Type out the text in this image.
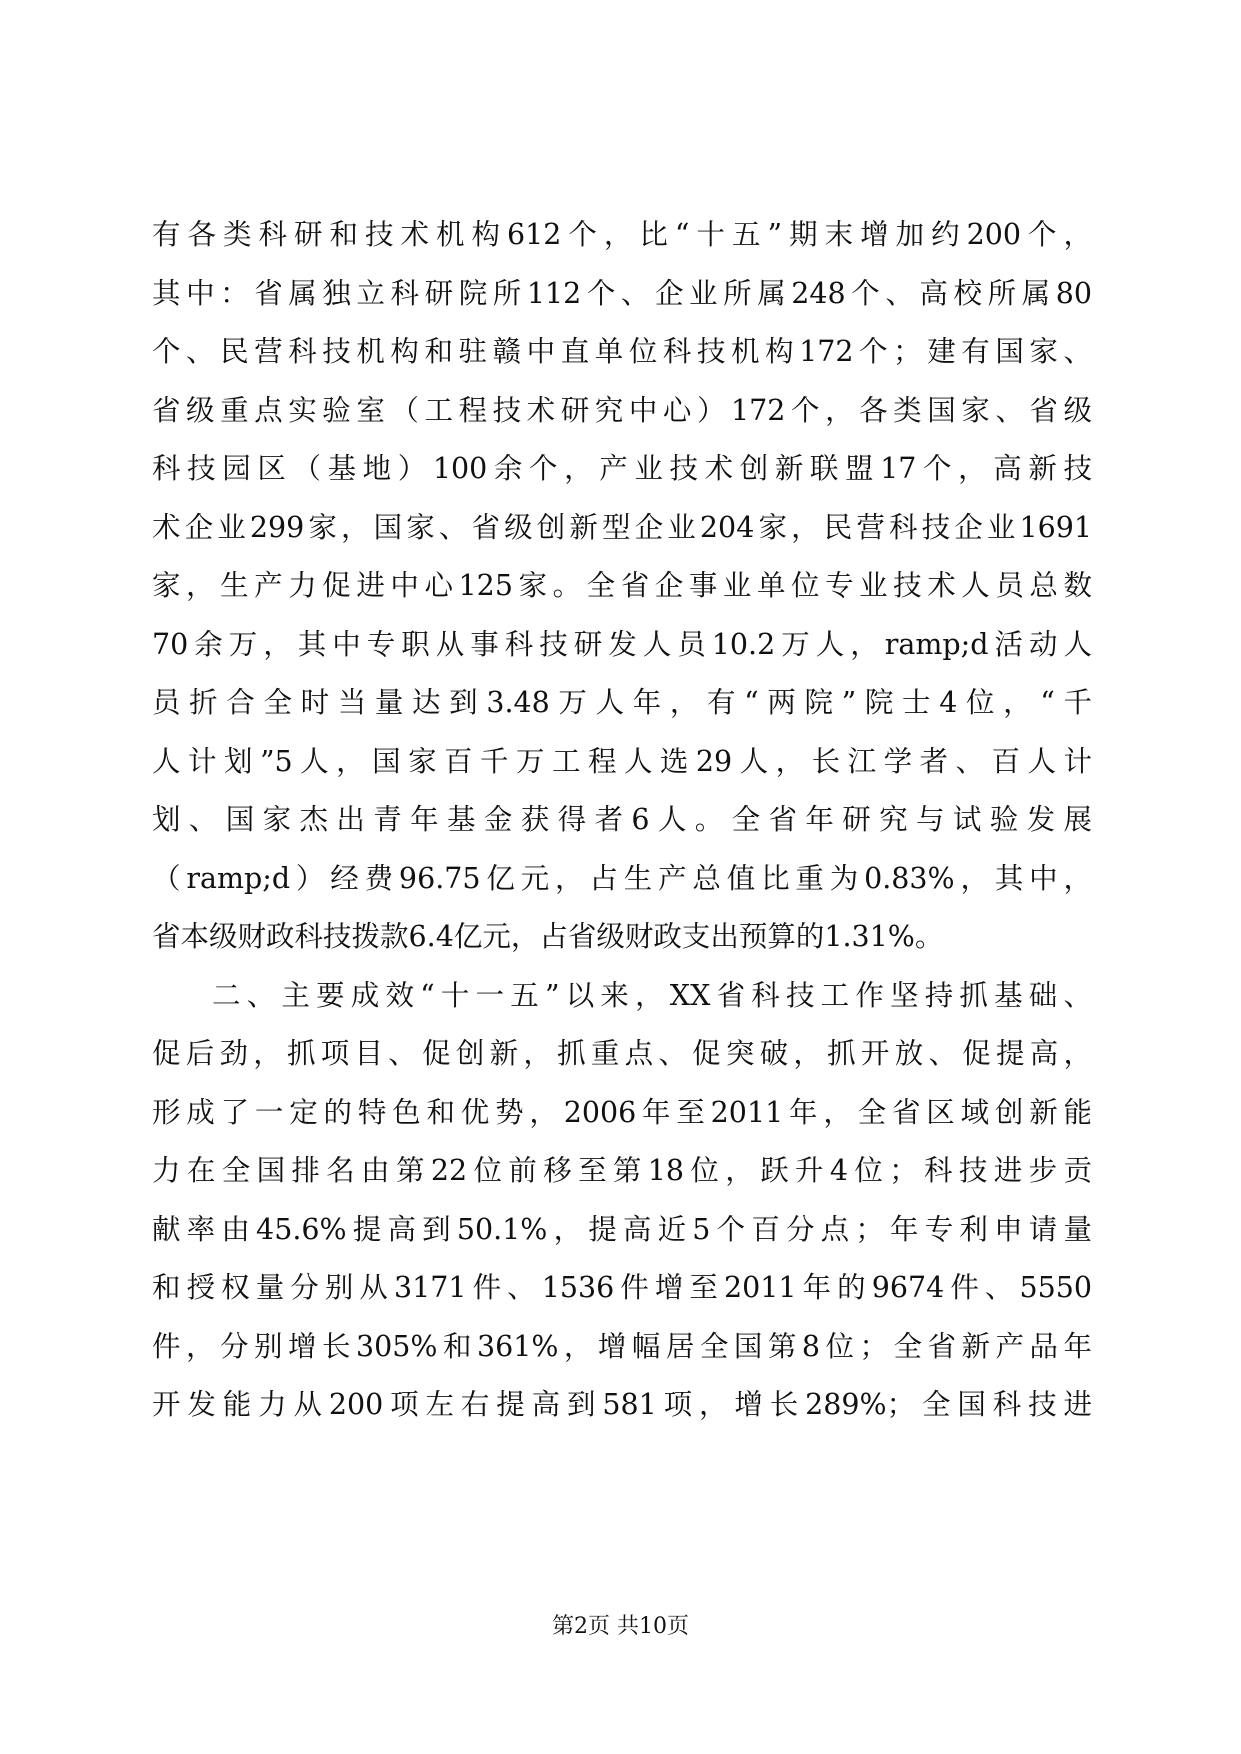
有各类科研和技术机构612个，比“十五”期末增加约200个，
其中：省属独立科研院所112个、企业所属248个、高校所属80
个、民营科技机构和驻赣中直单位科技机构172个；建有国家、
省级重点实验室（工程技术研究中心）172个，各类国家、省级
科技园区（基地）100余个，产业技术创新联盟17个，高新技
术企业299家，国家、省级创新型企业204家，民营科技企业1691
家，生产力促进中心125家。全省企事业单位专业技术人员总数
70余万，其中专职从事科技研发人员10.2万人，ramp;d活动人
员折合全时当量达到3.48万人年，有“两院”院士4位，“千
人计划”5人，国家百千万工程人选29人，长江学者、百人计
划、国家杰出青年基金获得者6人。全省年研究与试验发展
（ramp;d）经费96.75亿元，占生产总值比重为0.83%，其中，
省本级财政科技拨款6.4亿元，占省级财政支出预算的1.31%。
二、主要成效“十一五”以来，XX省科技工作坚持抓基础、
促后劲，抓项目、促创新，抓重点、促突破，抓开放、促提高，
形成了一定的特色和优势，2006年至2011年，全省区域创新能
力在全国排名由第22位前移至第18位，跃升4位；科技进步贡
献率由45.6%提高到50.1%，提高近5个百分点；年专利申请量
和授权量分别从3171件、1536件增至2011年的9674件、5550
件，分别增长305%和361%，增幅居全国第8位；全省新产品年
开发能力从200项左右提高到581项，增长289%；全国科技进
第2页 共10页
